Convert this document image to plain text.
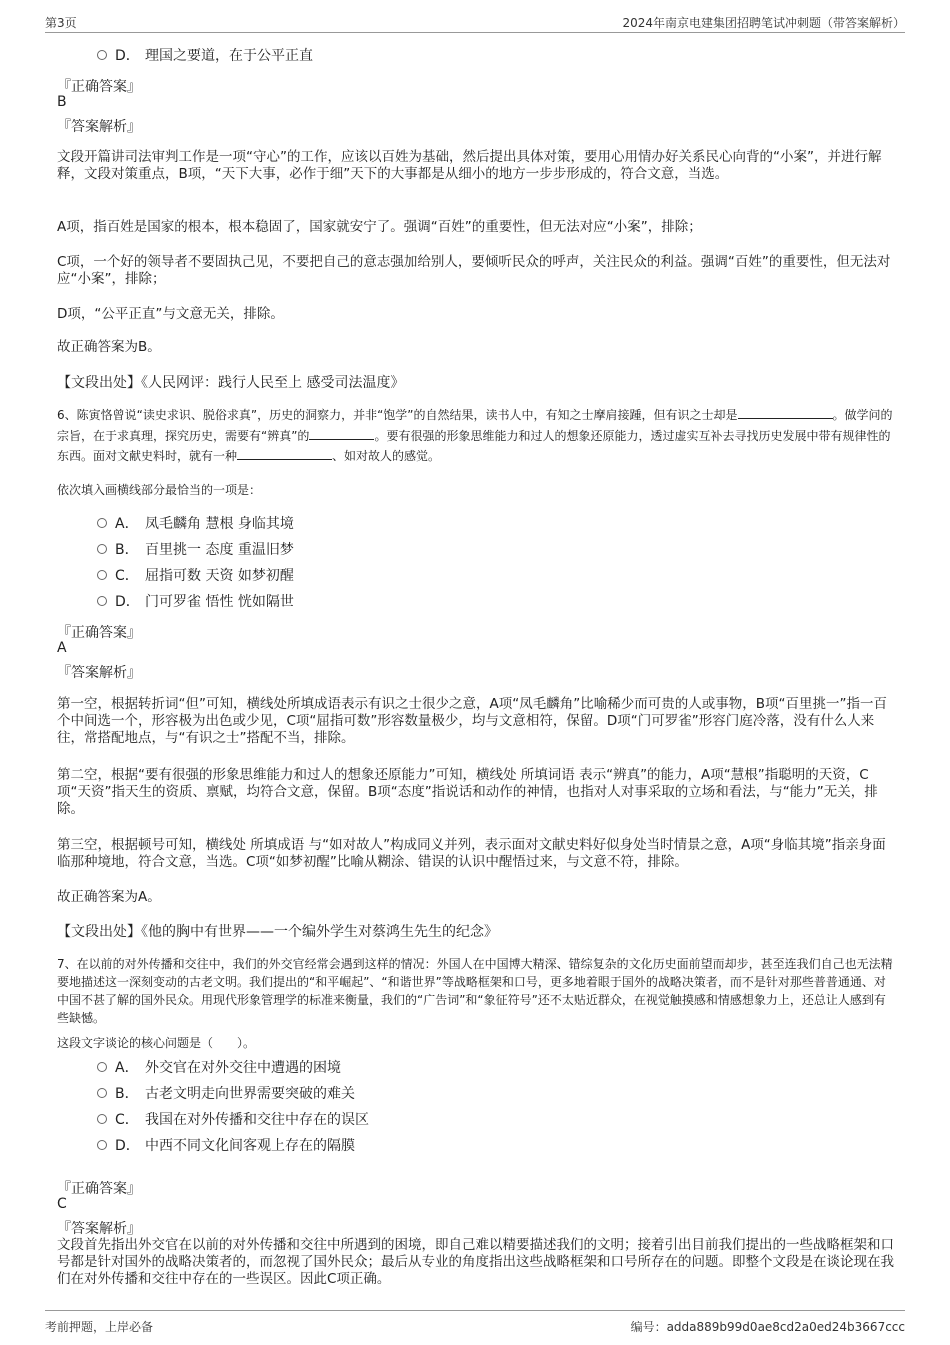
第3页	2024年南京电建集团招聘笔试冲刺题（带答案解析）
D． 理国之要道，在于公平正直
『正确答案』
B
『答案解析』

文段开篇讲司法审判工作是一项“守心”的工作，应该以百姓为基础，然后提出具体对策，要用心用情办好关系民心向背的“小案”，并进行解释，文段对策重点，B项，“天下大事，必作于细”天下的大事都是从细小的地方一步步形成的，符合文意，当选。

A项，指百姓是国家的根本，根本稳固了，国家就安宁了。强调“百姓”的重要性，但无法对应“小案”，排除；

C项，一个好的领导者不要固执己见，不要把自己的意志强加给别人，要倾听民众的呼声，关注民众的利益。强调“百姓”的重要性，但无法对应“小案”，排除；

D项，“公平正直”与文意无关，排除。

故正确答案为B。

【文段出处】《人民网评：践行人民至上 感受司法温度》

6、陈寅恪曾说“读史求识、脱俗求真”，历史的洞察力，并非“饱学”的自然结果，读书人中，有知之士摩肩接踵，但有识之士却是	。做学问的宗旨，在于求真理，探究历史，需要有“辨真”的	。要有很强的形象思维能力和过人的想象还原能力，透过虚实互补去寻找历史发展中带有规律性的东西。面对文献史料时，就有一种	、如对故人的感觉。

依次填入画横线部分最恰当的一项是：
A． 凤毛麟角 慧根 身临其境
B． 百里挑一 态度 重温旧梦
C． 屈指可数 天资 如梦初醒
D． 门可罗雀 悟性 恍如隔世
『正确答案』
A
『答案解析』

第一空，根据转折词“但”可知，横线处所填成语表示有识之士很少之意，A项“凤毛麟角”比喻稀少而可贵的人或事物，B项“百里挑一”指一百个中间选一个，形容极为出色或少见，C项“屈指可数”形容数量极少，均与文意相符，保留。D项“门可罗雀”形容门庭冷落，没有什么人来往，常搭配地点，与“有识之士”搭配不当，排除。

第二空，根据“要有很强的形象思维能力和过人的想象还原能力”可知，横线处 所填词语 表示“辨真”的能力，A项“慧根”指聪明的天资，C项“天资”指天生的资质、禀赋，均符合文意，保留。B项“态度”指说话和动作的神情，也指对人对事采取的立场和看法，与“能力”无关，排除。

第三空，根据顿号可知，横线处 所填成语 与“如对故人”构成同义并列，表示面对文献史料好似身处当时情景之意，A项“身临其境”指亲身面临那种境地，符合文意，当选。C项“如梦初醒”比喻从糊涂、错误的认识中醒悟过来，与文意不符，排除。

故正确答案为A。

【文段出处】《他的胸中有世界——一个编外学生对蔡鸿生先生的纪念》

7、在以前的对外传播和交往中，我们的外交官经常会遇到这样的情况：外国人在中国博大精深、错综复杂的文化历史面前望而却步，甚至连我们自己也无法精要地描述这一深刻变动的古老文明。我们提出的“和平崛起”、“和谐世界”等战略框架和口号，更多地着眼于国外的战略决策者，而不是针对那些普普通通、对中国不甚了解的国外民众。用现代形象管理学的标准来衡量，我们的“广告词”和“象征符号”还不太贴近群众，在视觉触摸感和情感想象力上，还总让人感到有些缺憾。

这段文字谈论的核心问题是（　　）。
A． 外交官在对外交往中遭遇的困境
B． 古老文明走向世界需要突破的难关
C． 我国在对外传播和交往中存在的误区
D． 中西不同文化间客观上存在的隔膜
『正确答案』
C
『答案解析』

文段首先指出外交官在以前的对外传播和交往中所遇到的困境，即自己难以精要描述我们的文明；接着引出目前我们提出的一些战略框架和口号都是针对国外的战略决策者的，而忽视了国外民众；最后从专业的角度指出这些战略框架和口号所存在的问题。即整个文段是在谈论现在我们在对外传播和交往中存在的一些误区。因此C项正确。

考前押题，上岸必备	编号：adda889b99d0ae8cd2a0ed24b3667ccc
